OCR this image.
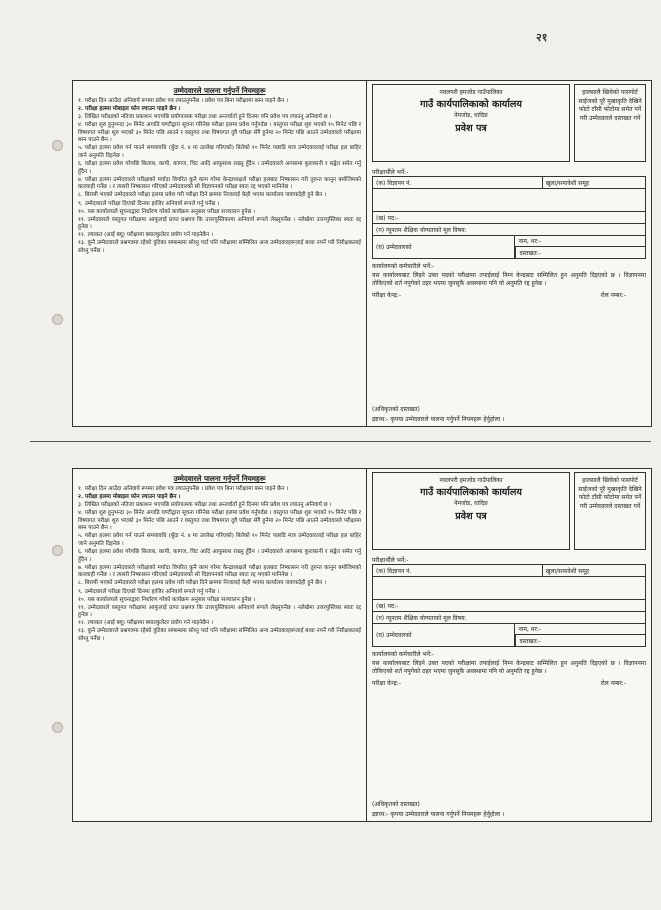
२१
उम्मेदवारले पालना गर्नुपर्ने नियमहरू
१. परीक्षा दिन आउँदा अनिवार्य रूपमा प्रवेश पत्र ल्याउनुपर्नेछ । प्रवेश पत्र बिना परीक्षामा बस्न पाइने छैन ।
२. परीक्षा हलमा मोबाइल फोन ल्याउन पाइने छैन ।
३. लिखित परीक्षाको नतिजा प्रकाशन भएपछि प्रयोगात्मक परीक्षा तथा अन्तर्वार्ता हुने दिनमा पनि प्रवेश पत्र ल्याउनु अनिवार्य छ ।
४. परीक्षा शुरु हुनुभन्दा ३० मिनेट अगाडि घण्टीद्वारा सूचना गरिनेछ परीक्षा हलमा प्रवेश गर्नुपर्दछ । वस्तुगत परीक्षा शुरु भएको १५ मिनेट पछि र विषयगत परीक्षा शुरु भएको ३० मिनेट पछि आउने र वस्तुगत तथा विषयगत दुवै परीक्षा सँगै हुनेमा २० मिनेट पछि आउने उम्मेदवारले परीक्षामा बस्न पाउने छैन ।
५. परीक्षा हलमा प्रवेश गर्न पाउने समयावधि (बुँदा नं. ४ मा उल्लेख गरिएको) बितेको १० मिनेट पछाडि मात्र उम्मेदवारलाई परीक्षा हल बाहिर जाने अनुमति दिइनेछ ।
६. परीक्षा हलमा प्रवेश गरेपछि किताब, कापी, कागज, चिट आदि आफूसाथ राख्नु हुँदैन । उम्मेदवारले आपसमा कुराकानी र सङ्केत समेत गर्नु हुँदैन ।
७. परीक्षा हलमा उम्मेदवारले परीक्षाको मर्यादा विपरित कुनै काम गरेमा केन्द्राध्यक्षले परीक्षा हलबाट निष्कासन गरी तुरुन्त कानून बमोजिमको कारवाही गर्नेछ । र त्यसरी निष्कासन गरिएको उम्मेदवारको सो विज्ञापनको परीक्षा स्वतः रद्द भएको मानिनेछ ।
८. बिरामी भएको उम्मेदवारले परीक्षा हलमा प्रवेश गरी परीक्षा दिने क्रममा निजलाई केही भएमा कार्यालय जवाफदेही हुने छैन ।
९. उम्मेदवारले परीक्षा दिएको दिनमा हाजिर अनिवार्य रूपले गर्नु पर्नेछ ।
१०. यस कार्यालयले सूचनाद्वारा निर्धारण गरेको कार्यक्रम अनुसार परीक्षा सञ्चालन हुनेछ ।
११. उम्मेदवारले वस्तुगत परीक्षामा आफूलाई प्राप्त प्रश्नपत्र कि उत्तरपुस्तिकामा अनिवार्य रूपले लेख्नुपर्नेछ । नलेखेमा उत्तरपुस्तिका स्वतः रद्द हुनेछ ।
१२. ल्याकत (आई क्यू) परीक्षामा क्याल्कुलेटर प्रयोग गर्न पाइनेछैन ।
१३. कुनै उम्मेदवारले प्रश्नपत्रमा रहेको त्रुटिका सम्बन्धमा सोध्नु पर्दा पनि परीक्षामा सम्मिलित अन्य उम्मेदवारहरूलाई बाधा नपर्ने गरी निरीक्षकलाई सोध्नु पर्नेछ ।
नवलपरी हमजोड गाउँपालिका
गाउँ कार्यपालिकाको कार्यालय
नेमजोड, धादिङ
प्रवेश पत्र
हालसालै खिचेको पासपोर्ट साईजको पूरै मुखाकृति देखिने फोटो टाँसी फोटोमा समेत पर्ने गरी उम्मेदवारले दस्तखत गर्ने
परीक्षार्थीले भर्ने:-
(क) विज्ञापन नं.	खुला/समावेशी समूह
(ख) पद:-
(ग) न्यूनतम शैक्षिक योग्यताको मूल विषय:
(घ) उम्मेदवारको
नाम, थर:-
दस्तखत:-
कार्यालयको कर्मचारीले भर्ने:-
यस कार्यालयबाट लिइने उक्त पदको परीक्षामा तपाईलाई निम्न केन्द्रबाट सम्मिलित हुन अनुमति दिइएको छ । विज्ञापनमा तोकिएको शर्त नपुगेको ठहर भएमा जुनसुकै अवस्थामा पनि यो अनुमति रद्द हुनेछ ।
परीक्षा केन्द्र:-	रोल नम्बर:-
(अधिकृतको दस्तखत)
द्रष्टव्य:- कृपया उम्मेदवारले पालना गर्नुपर्ने नियमहरू हेर्नुहोला ।
उम्मेदवारले पालना गर्नुपर्ने नियमहरू
१. परीक्षा दिन आउँदा अनिवार्य रूपमा प्रवेश पत्र ल्याउनुपर्नेछ । प्रवेश पत्र बिना परीक्षामा बस्न पाइने छैन ।
२. परीक्षा हलमा मोबाइल फोन ल्याउन पाइने छैन ।
३. लिखित परीक्षाको नतिजा प्रकाशन भएपछि प्रयोगात्मक परीक्षा तथा अन्तर्वार्ता हुने दिनमा पनि प्रवेश पत्र ल्याउनु अनिवार्य छ ।
४. परीक्षा शुरु हुनुभन्दा ३० मिनेट अगाडि घण्टीद्वारा सूचना गरिनेछ परीक्षा हलमा प्रवेश गर्नुपर्दछ । वस्तुगत परीक्षा शुरु भएको १५ मिनेट पछि र विषयगत परीक्षा शुरु भएको ३० मिनेट पछि आउने र वस्तुगत तथा विषयगत दुवै परीक्षा सँगै हुनेमा २० मिनेट पछि आउने उम्मेदवारले परीक्षामा बस्न पाउने छैन ।
५. परीक्षा हलमा प्रवेश गर्न पाउने समयावधि (बुँदा नं. ४ मा उल्लेख गरिएको) बितेको १० मिनेट पछाडि मात्र उम्मेदवारलाई परीक्षा हल बाहिर जाने अनुमति दिइनेछ ।
६. परीक्षा हलमा प्रवेश गरेपछि किताब, कापी, कागज, चिट आदि आफूसाथ राख्नु हुँदैन । उम्मेदवारले आपसमा कुराकानी र सङ्केत समेत गर्नु हुँदैन ।
७. परीक्षा हलमा उम्मेदवारले परीक्षाको मर्यादा विपरित कुनै काम गरेमा केन्द्राध्यक्षले परीक्षा हलबाट निष्कासन गरी तुरुन्त कानून बमोजिमको कारवाही गर्नेछ । र त्यसरी निष्कासन गरिएको उम्मेदवारको सो विज्ञापनको परीक्षा स्वतः रद्द भएको मानिनेछ ।
८. बिरामी भएको उम्मेदवारले परीक्षा हलमा प्रवेश गरी परीक्षा दिने क्रममा निजलाई केही भएमा कार्यालय जवाफदेही हुने छैन ।
९. उम्मेदवारले परीक्षा दिएको दिनमा हाजिर अनिवार्य रूपले गर्नु पर्नेछ ।
१०. यस कार्यालयले सूचनाद्वारा निर्धारण गरेको कार्यक्रम अनुसार परीक्षा सञ्चालन हुनेछ ।
११. उम्मेदवारले वस्तुगत परीक्षामा आफूलाई प्राप्त प्रश्नपत्र कि उत्तरपुस्तिकामा अनिवार्य रूपले लेख्नुपर्नेछ । नलेखेमा उत्तरपुस्तिका स्वतः रद्द हुनेछ ।
१२. ल्याकत (आई क्यू) परीक्षामा क्याल्कुलेटर प्रयोग गर्न पाइनेछैन ।
१३. कुनै उम्मेदवारले प्रश्नपत्रमा रहेको त्रुटिका सम्बन्धमा सोध्नु पर्दा पनि परीक्षामा सम्मिलित अन्य उम्मेदवारहरूलाई बाधा नपर्ने गरी निरीक्षकलाई सोध्नु पर्नेछ ।
नवलपरी हमजोड गाउँपालिका
गाउँ कार्यपालिकाको कार्यालय
नेमजोड, धादिङ
प्रवेश पत्र
हालसालै खिचेको पासपोर्ट साईजको पूरै मुखाकृति देखिने फोटो टाँसी फोटोमा समेत पर्ने गरी उम्मेदवारले दस्तखत गर्ने
परीक्षार्थीले भर्ने:-
(क) विज्ञापन नं.	खुला/समावेशी समूह
(ख) पद:-
(ग) न्यूनतम शैक्षिक योग्यताको मूल विषय:
(घ) उम्मेदवारको
नाम, थर:-
दस्तखत:-
कार्यालयको कर्मचारीले भर्ने:-
यस कार्यालयबाट लिइने उक्त पदको परीक्षामा तपाईलाई निम्न केन्द्रबाट सम्मिलित हुन अनुमति दिइएको छ । विज्ञापनमा तोकिएको शर्त नपुगेको ठहर भएमा जुनसुकै अवस्थामा पनि यो अनुमति रद्द हुनेछ ।
परीक्षा केन्द्र:-	रोल नम्बर:-
(अधिकृतको दस्तखत)
द्रष्टव्य:- कृपया उम्मेदवारले पालना गर्नुपर्ने नियमहरू हेर्नुहोला ।
